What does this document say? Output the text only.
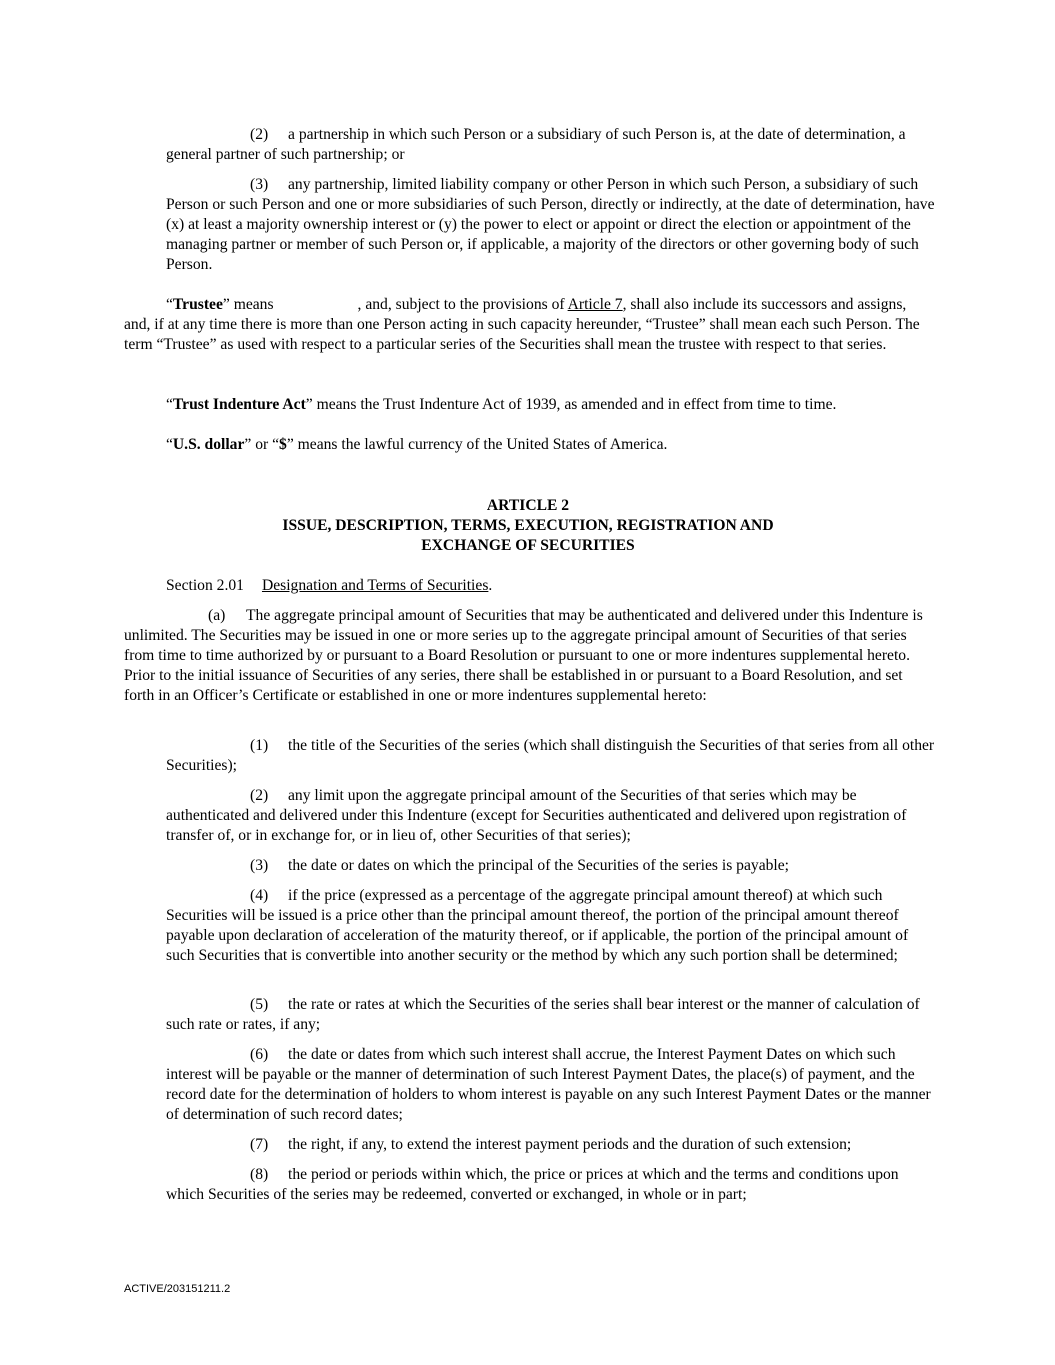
(2) a partnership in which such Person or a subsidiary of such Person is, at the date of determination, a general partner of such partnership; or

(3) any partnership, limited liability company or other Person in which such Person, a subsidiary of such Person or such Person and one or more subsidiaries of such Person, directly or indirectly, at the date of determination, have (x) at least a majority ownership interest or (y) the power to elect or appoint or direct the election or appointment of the managing partner or member of such Person or, if applicable, a majority of the directors or other governing body of such Person.

“Trustee” means	, and, subject to the provisions of Article 7, shall also include its successors and assigns, and, if at any time there is more than one Person acting in such capacity hereunder, “Trustee” shall mean each such Person. The term “Trustee” as used with respect to a particular series of the Securities shall mean the trustee with respect to that series.

“Trust Indenture Act” means the Trust Indenture Act of 1939, as amended and in effect from time to time.

“U.S. dollar” or “$” means the lawful currency of the United States of America.

ARTICLE 2

ISSUE, DESCRIPTION, TERMS, EXECUTION, REGISTRATION AND

EXCHANGE OF SECURITIES

Section 2.01 Designation and Terms of Securities.

(a) The aggregate principal amount of Securities that may be authenticated and delivered under this Indenture is unlimited. The Securities may be issued in one or more series up to the aggregate principal amount of Securities of that series from time to time authorized by or pursuant to a Board Resolution or pursuant to one or more indentures supplemental hereto. Prior to the initial issuance of Securities of any series, there shall be established in or pursuant to a Board Resolution, and set forth in an Officer’s Certificate or established in one or more indentures supplemental hereto:

(1) the title of the Securities of the series (which shall distinguish the Securities of that series from all other Securities);

(2) any limit upon the aggregate principal amount of the Securities of that series which may be authenticated and delivered under this Indenture (except for Securities authenticated and delivered upon registration of transfer of, or in exchange for, or in lieu of, other Securities of that series);

(3) the date or dates on which the principal of the Securities of the series is payable;

(4) if the price (expressed as a percentage of the aggregate principal amount thereof) at which such Securities will be issued is a price other than the principal amount thereof, the portion of the principal amount thereof payable upon declaration of acceleration of the maturity thereof, or if applicable, the portion of the principal amount of such Securities that is convertible into another security or the method by which any such portion shall be determined;

(5) the rate or rates at which the Securities of the series shall bear interest or the manner of calculation of such rate or rates, if any;

(6) the date or dates from which such interest shall accrue, the Interest Payment Dates on which such interest will be payable or the manner of determination of such Interest Payment Dates, the place(s) of payment, and the record date for the determination of holders to whom interest is payable on any such Interest Payment Dates or the manner of determination of such record dates;

(7) the right, if any, to extend the interest payment periods and the duration of such extension;

(8) the period or periods within which, the price or prices at which and the terms and conditions upon which Securities of the series may be redeemed, converted or exchanged, in whole or in part;

ACTIVE/203151211.2
